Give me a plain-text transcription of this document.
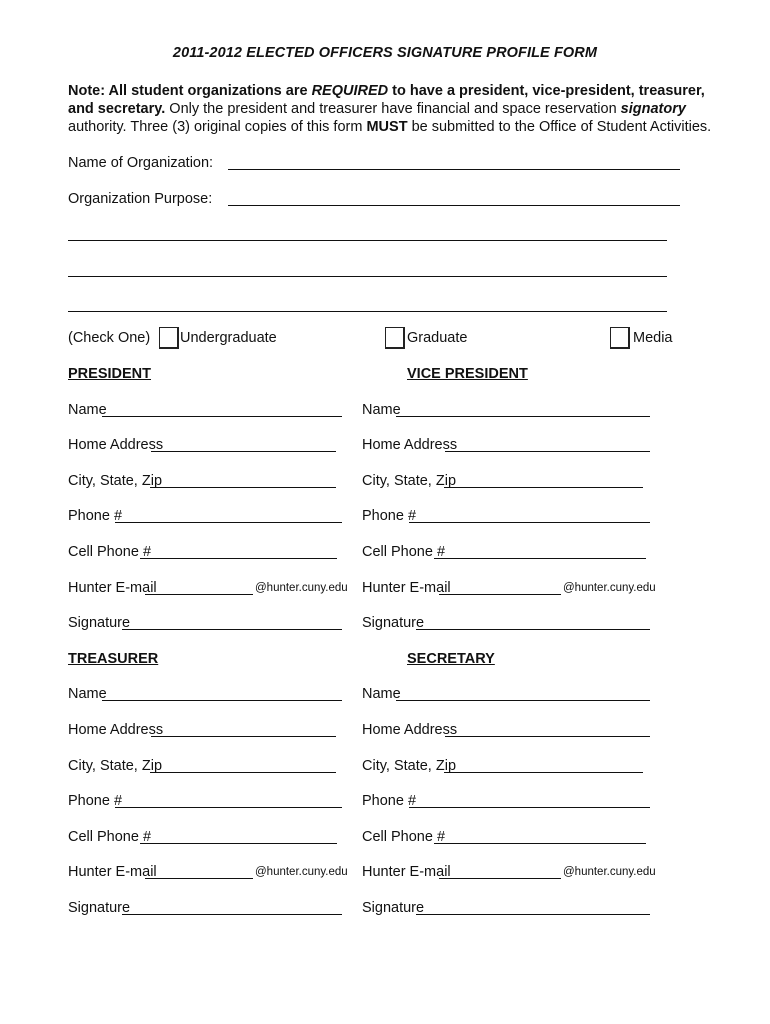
2011-2012 ELECTED OFFICERS SIGNATURE PROFILE FORM
Note: All student organizations are REQUIRED to have a president, vice-president, treasurer, and secretary. Only the president and treasurer have financial and space reservation signatory authority. Three (3) original copies of this form MUST be submitted to the Office of Student Activities.
Name of Organization:
Organization Purpose:
(Check One) Undergraduate	Graduate	Media
PRESIDENT
Name
Home Address
City, State, Zip
Phone #
Cell Phone #
Hunter E-mail	@hunter.cuny.edu
Signature
VICE PRESIDENT
Name
Home Address
City, State, Zip
Phone #
Cell Phone #
Hunter E-mail	@hunter.cuny.edu
Signature
TREASURER
Name
Home Address
City, State, Zip
Phone #
Cell Phone #
Hunter E-mail	@hunter.cuny.edu
Signature
SECRETARY
Name
Home Address
City, State, Zip
Phone #
Cell Phone #
Hunter E-mail	@hunter.cuny.edu
Signature
